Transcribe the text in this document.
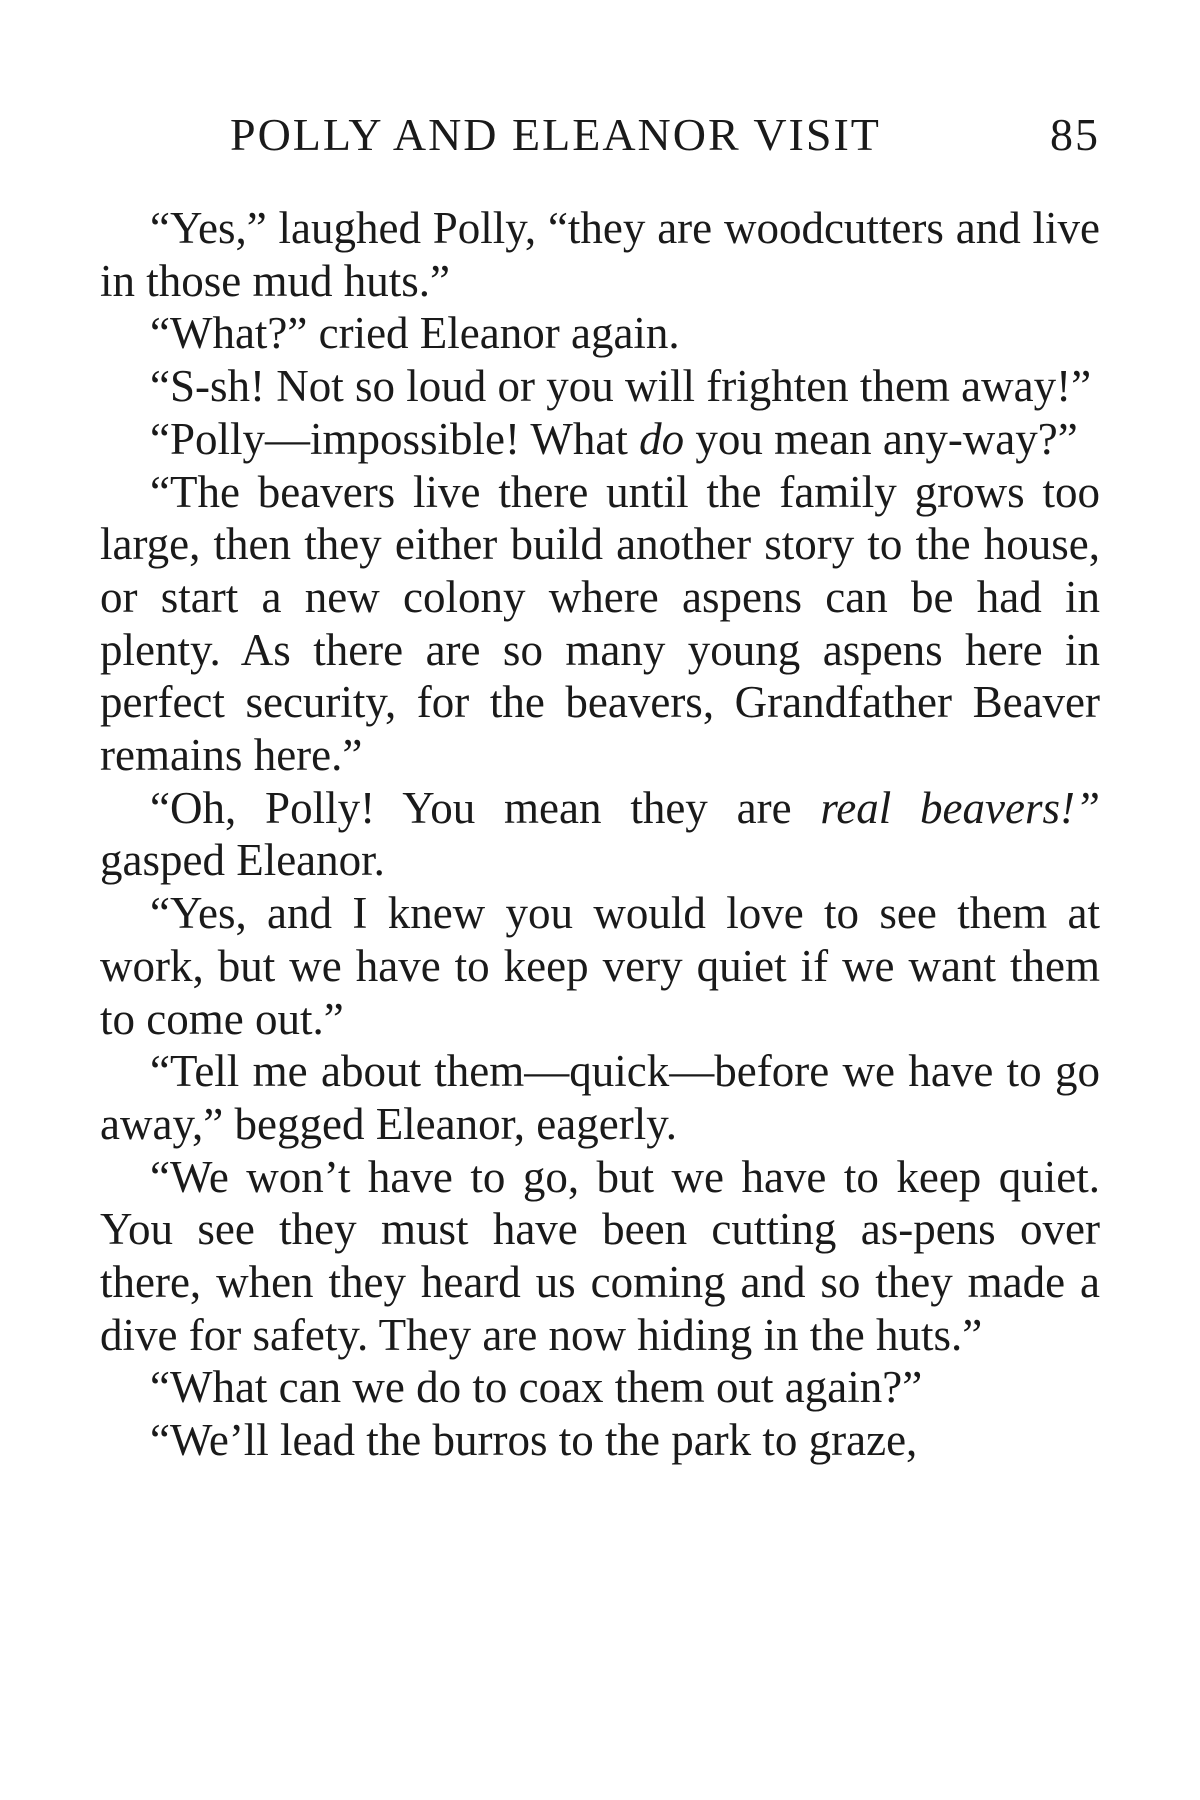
POLLY AND ELEANOR VISIT	85

“Yes,” laughed Polly, “they are woodcutters and live in those mud huts.”

“What?” cried Eleanor again.

“S-sh! Not so loud or you will frighten them away!”

“Polly—impossible! What do you mean any-way?”

“The beavers live there until the family grows too large, then they either build another story to the house, or start a new colony where aspens can be had in plenty. As there are so many young aspens here in perfect security, for the beavers, Grandfather Beaver remains here.”

“Oh, Polly! You mean they are real beavers!” gasped Eleanor.

“Yes, and I knew you would love to see them at work, but we have to keep very quiet if we want them to come out.”

“Tell me about them—quick—before we have to go away,” begged Eleanor, eagerly.

“We won’t have to go, but we have to keep quiet. You see they must have been cutting as-pens over there, when they heard us coming and so they made a dive for safety. They are now hiding in the huts.”

“What can we do to coax them out again?”

“We’ll lead the burros to the park to graze,
